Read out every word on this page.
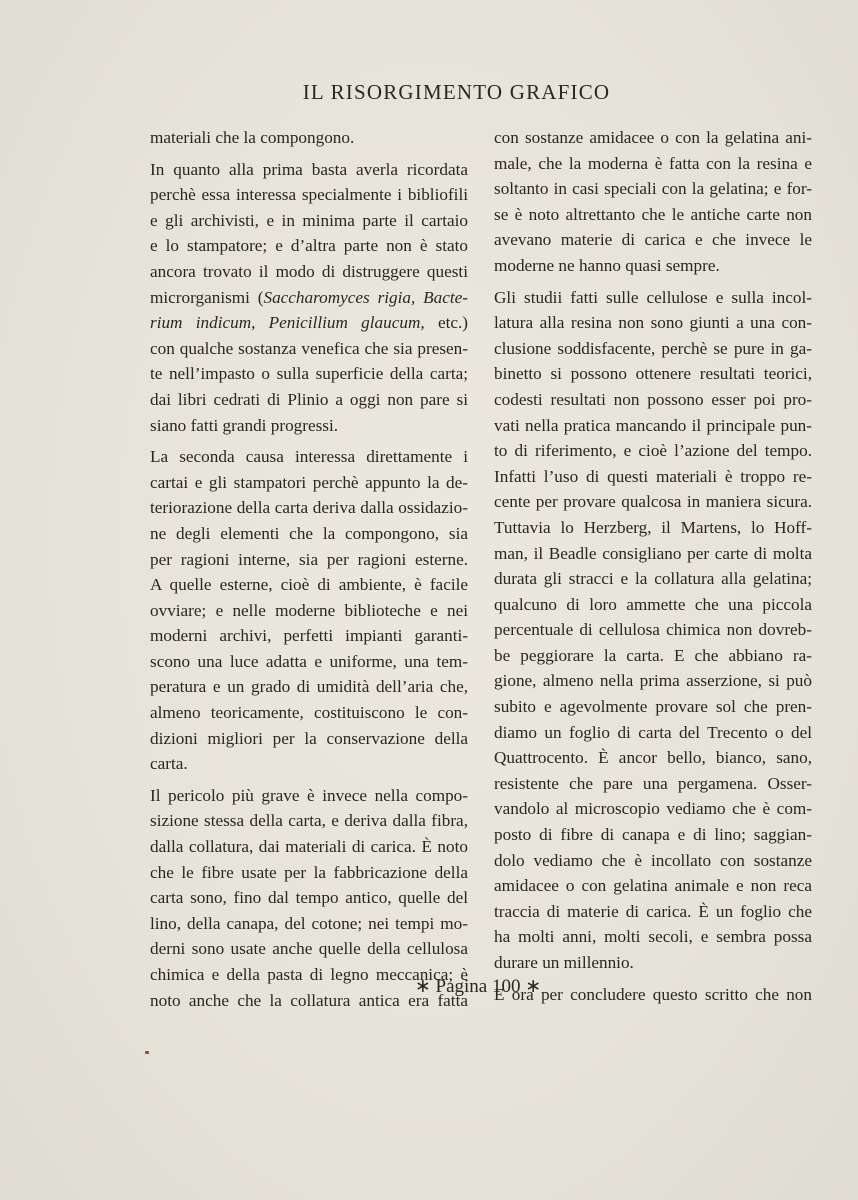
IL RISORGIMENTO GRAFICO
materiali che la compongono.
In quanto alla prima basta averla ricordata
perchè essa interessa specialmente i bibliofili
e gli archivisti, e in minima parte il cartaio
e lo stampatore; e d’altra parte non è stato
ancora trovato il modo di distruggere questi
microrganismi (Saccharomyces rigia, Bacte-
rium indicum, Penicillium glaucum, etc.)
con qualche sostanza venefica che sia presen-
te nell’impasto o sulla superficie della carta;
dai libri cedrati di Plinio a oggi non pare si
siano fatti grandi progressi.
La seconda causa interessa direttamente i
cartai e gli stampatori perchè appunto la de-
teriorazione della carta deriva dalla ossidazio-
ne degli elementi che la compongono, sia
per ragioni interne, sia per ragioni esterne.
A quelle esterne, cioè di ambiente, è facile
ovviare; e nelle moderne biblioteche e nei
moderni archivi, perfetti impianti garanti-
scono una luce adatta e uniforme, una tem-
peratura e un grado di umidità dell’aria che,
almeno teoricamente, costituiscono le con-
dizioni migliori per la conservazione della
carta.
Il pericolo più grave è invece nella compo-
sizione stessa della carta, e deriva dalla fibra,
dalla collatura, dai materiali di carica. È noto
che le fibre usate per la fabbricazione della
carta sono, fino dal tempo antico, quelle del
lino, della canapa, del cotone; nei tempi mo-
derni sono usate anche quelle della cellulosa
chimica e della pasta di legno meccanica; è
noto anche che la collatura antica era fatta
con sostanze amidacee o con la gelatina ani-
male, che la moderna è fatta con la resina e
soltanto in casi speciali con la gelatina; e for-
se è noto altrettanto che le antiche carte non
avevano materie di carica e che invece le
moderne ne hanno quasi sempre.
Gli studii fatti sulle cellulose e sulla incol-
latura alla resina non sono giunti a una con-
clusione soddisfacente, perchè se pure in ga-
binetto si possono ottenere resultati teorici,
codesti resultati non possono esser poi pro-
vati nella pratica mancando il principale pun-
to di riferimento, e cioè l’azione del tempo.
Infatti l’uso di questi materiali è troppo re-
cente per provare qualcosa in maniera sicura.
Tuttavia lo Herzberg, il Martens, lo Hoff-
man, il Beadle consigliano per carte di molta
durata gli stracci e la collatura alla gelatina;
qualcuno di loro ammette che una piccola
percentuale di cellulosa chimica non dovreb-
be peggiorare la carta. E che abbiano ra-
gione, almeno nella prima asserzione, si può
subito e agevolmente provare sol che pren-
diamo un foglio di carta del Trecento o del
Quattrocento. È ancor bello, bianco, sano,
resistente che pare una pergamena. Osser-
vandolo al microscopio vediamo che è com-
posto di fibre di canapa e di lino; saggian-
dolo vediamo che è incollato con sostanze
amidacee o con gelatina animale e non reca
traccia di materie di carica. È un foglio che
ha molti anni, molti secoli, e sembra possa
durare un millennio.
E ora per concludere questo scritto che non
∗ Pagina 100 ∗
